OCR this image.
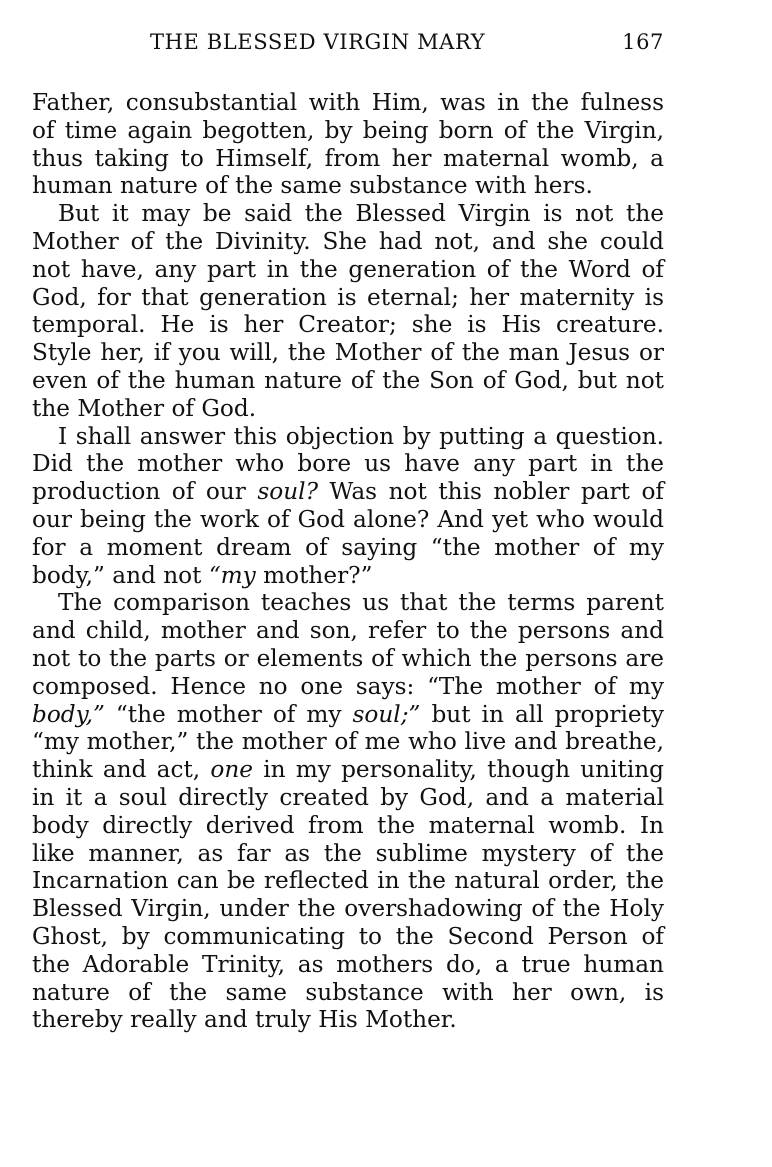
THE BLESSED VIRGIN MARY	167

Father, consubstantial with Him, was in the fulness of time again begotten, by being born of the Virgin, thus taking to Himself, from her maternal womb, a human nature of the same substance with hers.

But it may be said the Blessed Virgin is not the Mother of the Divinity. She had not, and she could not have, any part in the generation of the Word of God, for that generation is eternal; her maternity is temporal. He is her Creator; she is His creature. Style her, if you will, the Mother of the man Jesus or even of the human nature of the Son of God, but not the Mother of God.

I shall answer this objection by putting a question. Did the mother who bore us have any part in the production of our soul? Was not this nobler part of our being the work of God alone? And yet who would for a moment dream of saying “the mother of my body,” and not “my mother?”

The comparison teaches us that the terms parent and child, mother and son, refer to the persons and not to the parts or elements of which the persons are composed. Hence no one says: “The mother of my body,” “the mother of my soul;” but in all propriety “my mother,” the mother of me who live and breathe, think and act, one in my personality, though uniting in it a soul directly created by God, and a material body directly derived from the maternal womb. In like manner, as far as the sublime mystery of the Incarnation can be reflected in the natural order, the Blessed Virgin, under the overshadowing of the Holy Ghost, by communicating to the Second Person of the Adorable Trinity, as mothers do, a true human nature of the same substance with her own, is thereby really and truly His Mother.
